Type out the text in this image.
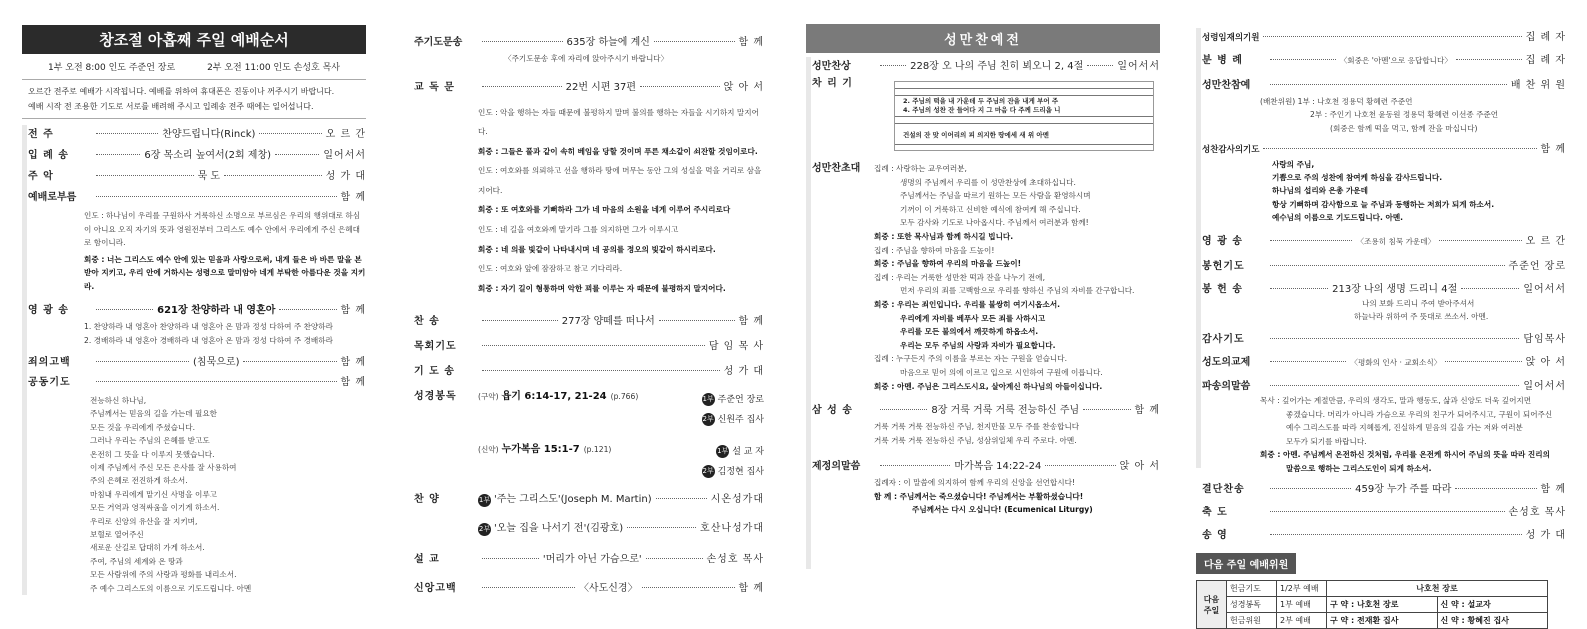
창조절 아홉째 주일 예배순서
1부 오전 8:00 인도 주준언 장로	2부 오전 11:00 인도 손성호 목사
오르간 전주로 예배가 시작됩니다. 예배를 위하여 휴대폰은 진동이나 꺼주시기 바랍니다.
예배 시작 전 조용한 기도로 서로를 배려해 주시고 입례송 전주 때에는 일어섭니다.
전 주	찬양드립니다(Rinck)	오 르 간
입 례 송	6장 목소리 높여서(2회 제창)	일어서서
주 악	묵 도	성 가 대
예배로부름	함 께
인도 : 하나님이 우리를 구원하사 거룩하신 소명으로 부르심은 우리의 행위대로 하심이 아니요 오직 자기의 뜻과 영원전부터 그리스도 예수 안에서 우리에게 주신 은혜대로 함이니라.
회중 : 너는 그리스도 예수 안에 있는 믿음과 사랑으로써, 내게 들은 바 바른 말을 본받아 지키고, 우리 안에 거하시는 성령으로 말미암아 네게 부탁한 아름다운 것을 지키라.
영 광 송	621장 찬양하라 내 영혼아	함 께
1. 찬양하라 내 영혼아 찬양하라 내 영혼아 온 맘과 정성 다하여 주 찬양하라
2. 경배하라 내 영혼아 경배하라 내 영혼아 온 맘과 정성 다하여 주 경배하라
죄의고백	(침묵으로)	함 께
공동기도	함 께
전능하신 하나님,
주님께서는 믿음의 길을 가는데 필요한
모든 것을 우리에게 주셨습니다.
그러나 우리는 주님의 은혜를 받고도
온전히 그 뜻을 다 이루지 못했습니다.
이제 주님께서 주신 모든 은사를 잘 사용하여
주의 은혜로 전진하게 하소서.
마침내 우리에게 맡기신 사명을 이루고
모든 거역과 영적싸움을 이기게 하소서.
우리로 신앙의 유산을 잘 지키며,
보혈로 열어주신
새로운 산길로 답대히 가게 하소서.
주여, 주님의 세계와 온 땅과
모든 사람위에 주의 사랑과 평화를 내리소서.
주 예수 그리스도의 이름으로 기도드립니다. 아멘
주기도문송	635장 하늘에 계신	함 께
〈주기도문송 후에 자리에 앉아주시기 바랍니다〉
교 독 문	22번 시편 37편	앉 아 서
인도 : 악을 행하는 자들 때문에 불평하지 말며 불의를 행하는 자들을 시기하지 말지어다.
회중 : 그들은 풀과 같이 속히 베임을 당할 것이며 푸른 채소같이 쇠잔할 것임이로다.
인도 : 여호와를 의뢰하고 선을 행하라 땅에 머무는 동안 그의 성실을 먹을 거리로 삼을지어다.
회중 : 또 여호와를 기뻐하라 그가 네 마음의 소원을 네게 이루어 주시리로다
인도 : 네 길을 여호와께 맡기라 그를 의지하면 그가 이루시고
회중 : 네 의를 빛같이 나타내시며 네 공의를 정오의 빛같이 하시리로다.
인도 : 여호와 앞에 잠잠하고 참고 기다리라.
회중 : 자기 길이 형통하며 악한 꾀를 이루는 자 때문에 불평하지 말지어다.
찬 송	277장 양떼를 떠나서	함 께
목회기도	담 임 목 사
기 도 송	성 가 대
성경봉독	(구약) 욥기 6:14-17, 21-24 (p.766)	1부 주준언 장로
2부 신원주 집사
(신약) 누가복음 15:1-7 (p.121)	1부 설 교 자
2부 김정현 집사
찬 양	1부 '주는 그리스도'(Joseph M. Martin)	시온성가대
2부 '오늘 집을 나서기 전'(김광호)	호산나성가대
설 교	'머리가 아닌 가슴으로'	손성호 목사
신앙고백	〈사도신경〉	함 께
성만찬예전
성만찬상	228장 오 나의 주님 친히 뵈오니 2, 4절	일어서서
차 리 기
2. 주님의 떡을 내 가운데 두 주님의 잔을 내게 부어 주
4. 주님의 성찬 잔 들어다 지 그 마음 다 주께 드리옵 니
건설의 잔 맞 이어리의 피 의지한 땅에세 새 위 아멘
성만찬초대	집례 : 사랑하는 교우여러분,
생명의 주님께서 우리를 이 성만찬상에 초대하십니다.
주님께서는 주님을 따르기 원하는 모든 사람을 환영하시며
기꺼이 이 거룩하고 신비한 예식에 참여케 해 주십니다.
모두 감사와 기도로 나아옵시다. 주님께서 여러분과 함께!
회중 : 또한 목사님과 함께 하시길 빕니다.
집례 : 주님을 향하여 마음을 드높이!
회중 : 주님을 향하여 우리의 마음을 드높이!
집례 : 우리는 거룩한 성만찬 떡과 잔을 나누기 전에,
먼저 우리의 죄를 고백함으로 우리를 향하신 주님의 자비를 간구합니다.
회중 : 우리는 죄인입니다. 우리를 불쌍히 여기시옵소서.
우리에게 자비를 베푸사 모든 죄를 사하시고
우리를 모든 불의에서 깨끗하게 하옵소서.
우리는 모두 주님의 사랑과 자비가 필요합니다.
집례 : 누구든지 주의 이름을 부르는 자는 구원을 얻습니다.
마음으로 믿어 의에 이르고 입으로 시인하여 구원에 이릅니다.
회중 : 아멘. 주님은 그리스도시요, 살아계신 하나님의 아들이십니다.
삼 성 송	8장 거룩 거룩 거룩 전능하신 주님	함 께
거룩 거룩 거룩 전능하신 주님, 천지만물 모두 주를 찬송합니다
거룩 거룩 거룩 전능하신 주님, 성삼위일체 우리 주로다. 아멘.
제정의말씀	마가복음 14:22-24	앉 아 서
집례자 : 이 말씀에 의지하여 함께 우리의 신앙을 선언합시다!
함 께 : 주님께서는 죽으셨습니다! 주님께서는 부활하셨습니다!
주님께서는 다시 오십니다! (Ecumenical Liturgy)
성령임재의기원	집 례 자
분 병 례	〈회중은 '아멘'으로 응답합니다〉	집 례 자
성만찬참예	배 찬 위 원
(배찬위원) 1부 : 나호천 정용덕 황혜련 주준언
2부 : 주인기 나호천 윤동원 정용덕 황혜련 이선종 주준언
(회중은 함께 떡을 먹고, 함께 잔을 마십니다)
성찬감사의기도	함 께
사랑의 주님,
기쁨으로 주의 성찬에 참여케 하심을 감사드립니다.
하나님의 섭리와 은총 가운데
항상 기뻐하며 감사함으로 늘 주님과 동행하는 저희가 되게 하소서.
예수님의 이름으로 기도드립니다. 아멘.
영 광 송	〈조용히 침묵 가운데〉	오 르 간
봉헌기도	주준언 장로
봉 헌 송	213장 나의 생명 드리니 4절	일어서서
나의 보화 드리니 주여 받아주셔서
하늘나라 위하여 주 뜻대로 쓰소서. 아멘.
감사기도	담임목사
성도의교제	〈평화의 인사 · 교회소식〉	앉 아 서
파송의말씀	일어서서
목사 : 깊어가는 계절만큼, 우리의 생각도, 말과 행동도, 삶과 신앙도 더욱 깊어지면
좋겠습니다. 머리가 아니라 가슴으로 우리의 친구가 되어주시고, 구원이 되어주신
예수 그리스도를 따라 지혜롭게, 진실하게 믿음의 길을 가는 저와 여러분
모두가 되기를 바랍니다.
회중 : 아멘. 주님께서 온전하신 것처럼, 우리를 온전케 하시어 주님의 뜻을 따라 진리의
말씀으로 행하는 그리스도인이 되게 하소서.
결단찬송	459장 누가 주를 따라	함 께
축 도	손성호 목사
송 영	성 가 대
다음 주일 예배위원
다음
주일	헌금기도	1/2부 예배	나호천 장로	
	성경봉독	1부 예배	구 약 : 나호천 장로	신 약 : 설교자
	헌금위원	2부 예배	구 약 : 전재환 집사	신 약 : 황혜진 집사
